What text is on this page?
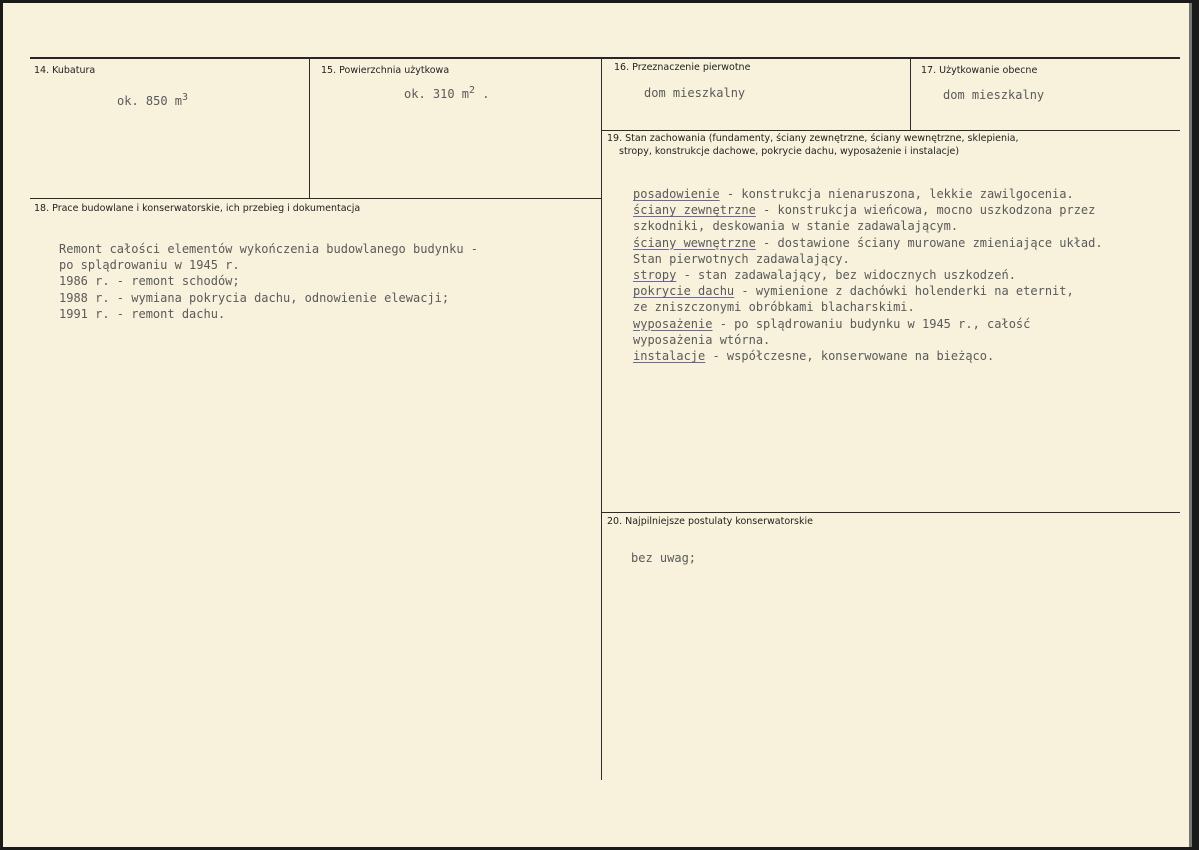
14. Kubatura
ok. 850 $m^3$
15. Powierzchnia użytkowa
ok. 310 $m^2$ .
16. Przeznaczenie pierwotne
dom mieszkalny
17. Użytkowanie obecne
dom mieszkalny
19. Stan zachowania (fundamenty, ściany zewnętrzne, ściany wewnętrzne, sklepienia,
stropy, konstrukcje dachowe, pokrycie dachu, wyposażenie i instalacje)
posadowienie - konstrukcja nienaruszona, lekkie zawilgocenia.
ściany zewnętrzne - konstrukcja wieńcowa, mocno uszkodzona przez
szkodniki, deskowania w stanie zadawalającym.
ściany wewnętrzne - dostawione ściany murowane zmieniające układ.
Stan pierwotnych zadawalający.
stropy - stan zadawalający, bez widocznych uszkodzeń.
pokrycie dachu - wymienione z dachówki holenderki na eternit,
ze zniszczonymi obróbkami blacharskimi.
wyposażenie - po splądrowaniu budynku w 1945 r., całość
wyposażenia wtórna.
instalacje - współczesne, konserwowane na bieżąco.
18. Prace budowlane i konserwatorskie, ich przebieg i dokumentacja
Remont całości elementów wykończenia budowlanego budynku -
po splądrowaniu w 1945 r.
1986 r. - remont schodów;
1988 r. - wymiana pokrycia dachu, odnowienie elewacji;
1991 r. - remont dachu.
20. Najpilniejsze postulaty konserwatorskie
bez uwag;
